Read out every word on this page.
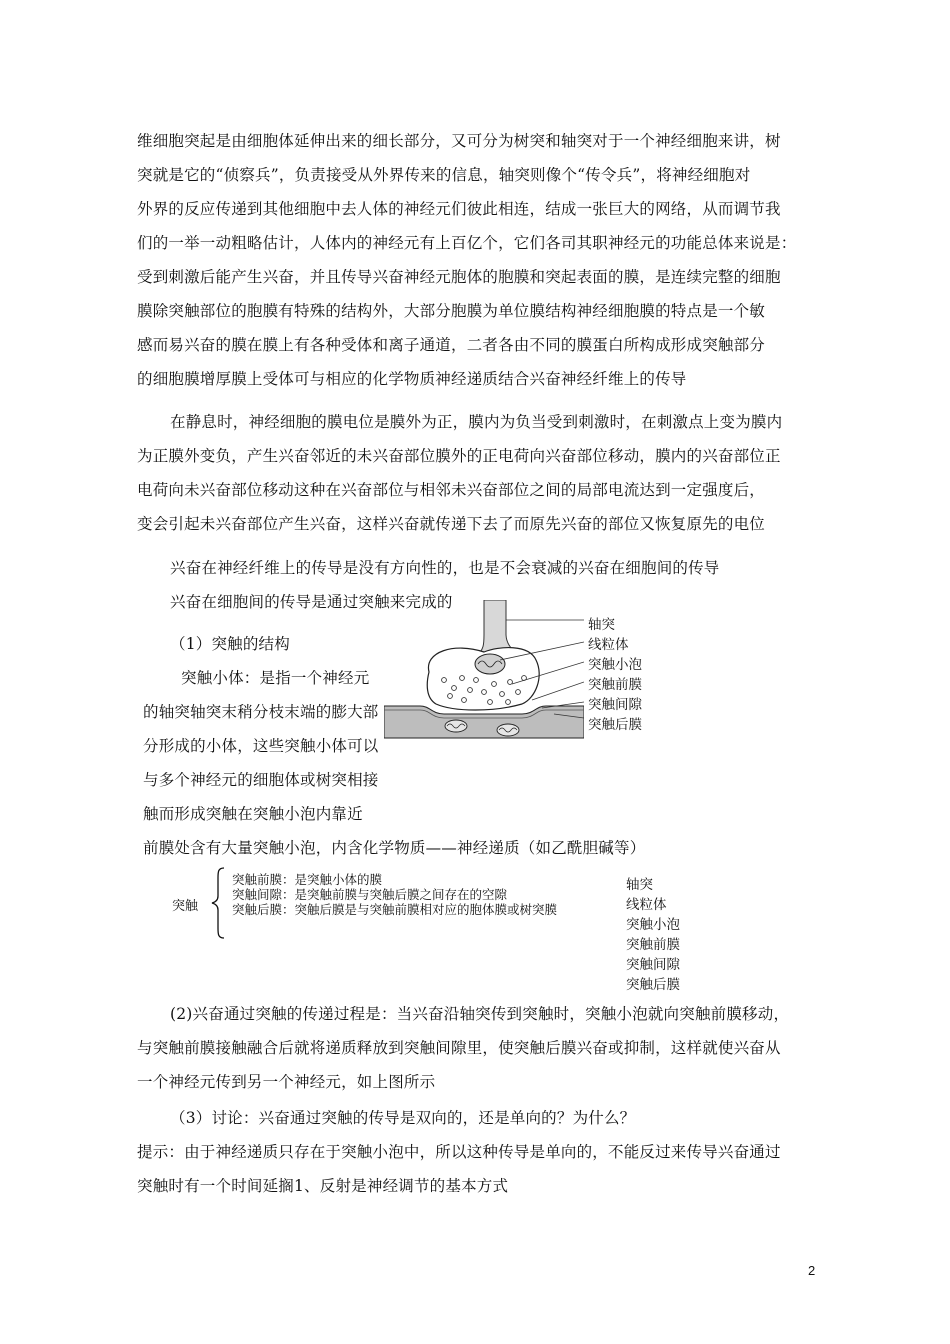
维细胞突起是由细胞体延伸出来的细长部分，又可分为树突和轴突对于一个神经细胞来讲，树
突就是它的“侦察兵”，负责接受从外界传来的信息，轴突则像个“传令兵”，将神经细胞对
外界的反应传递到其他细胞中去人体的神经元们彼此相连，结成一张巨大的网络，从而调节我
们的一举一动粗略估计，人体内的神经元有上百亿个，它们各司其职神经元的功能总体来说是：
受到刺激后能产生兴奋，并且传导兴奋神经元胞体的胞膜和突起表面的膜，是连续完整的细胞
膜除突触部位的胞膜有特殊的结构外，大部分胞膜为单位膜结构神经细胞膜的特点是一个敏
感而易兴奋的膜在膜上有各种受体和离子通道，二者各由不同的膜蛋白所构成形成突触部分
的细胞膜增厚膜上受体可与相应的化学物质神经递质结合兴奋神经纤维上的传导
在静息时，神经细胞的膜电位是膜外为正，膜内为负当受到刺激时，在刺激点上变为膜内
为正膜外变负，产生兴奋邻近的未兴奋部位膜外的正电荷向兴奋部位移动，膜内的兴奋部位正
电荷向未兴奋部位移动这种在兴奋部位与相邻未兴奋部位之间的局部电流达到一定强度后，
变会引起未兴奋部位产生兴奋，这样兴奋就传递下去了而原先兴奋的部位又恢复原先的电位
兴奋在神经纤维上的传导是没有方向性的，也是不会衰减的兴奋在细胞间的传导
兴奋在细胞间的传导是通过突触来完成的
（1）突触的结构
突触小体：是指一个神经元
的轴突轴突末稍分枝末端的膨大部
分形成的小体，这些突触小体可以
与多个神经元的细胞体或树突相接
触而形成突触在突触小泡内靠近
前膜处含有大量突触小泡，内含化学物质——神经递质（如乙酰胆碱等）
轴突
线粒体
突触小泡
突触前膜
突触间隙
突触后膜
突触
突触前膜：是突触小体的膜
突触间隙：是突触前膜与突触后膜之间存在的空隙
突触后膜：突触后膜是与突触前膜相对应的胞体膜或树突膜
轴突
线粒体
突触小泡
突触前膜
突触间隙
突触后膜
(2)兴奋通过突触的传递过程是：当兴奋沿轴突传到突触时，突触小泡就向突触前膜移动，
与突触前膜接触融合后就将递质释放到突触间隙里，使突触后膜兴奋或抑制，这样就使兴奋从
一个神经元传到另一个神经元，如上图所示
（3）讨论：兴奋通过突触的传导是双向的，还是单向的？为什么？
提示：由于神经递质只存在于突触小泡中，所以这种传导是单向的，不能反过来传导兴奋通过
突触时有一个时间延搁1、反射是神经调节的基本方式
2
